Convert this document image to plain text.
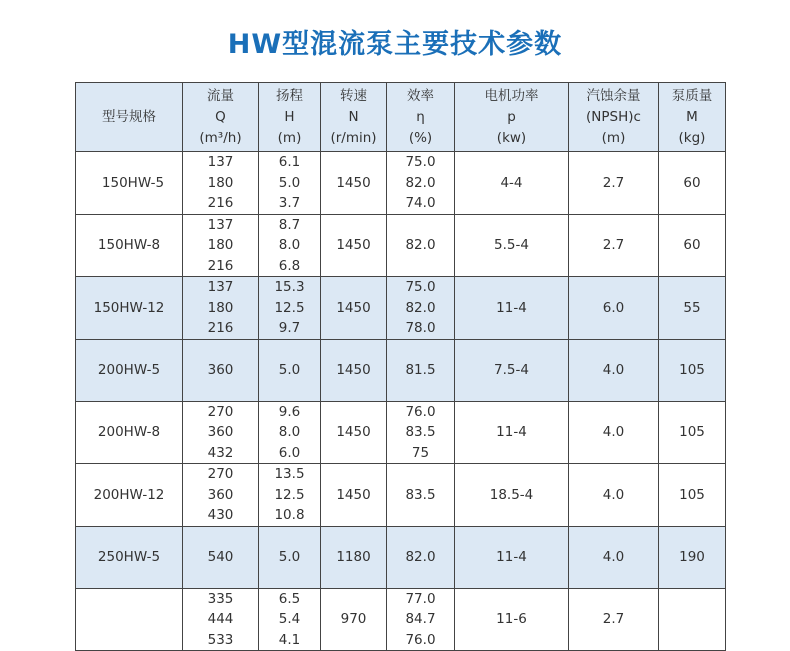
HW型混流泵主要技术参数
型号规格	流量
Q
(m³/h)	扬程
H
(m)	转速
N
(r/min)	效率
η
(%)	电机功率
p
(kw)	汽蚀余量
(NPSH)c
(m)	泵质量
M
(kg)

150HW-5	137
180
216	6.1
5.0
3.7	1450	75.0
82.0
74.0	4-4	2.7	60
150HW-8	137
180
216	8.7
8.0
6.8	1450	82.0	5.5-4	2.7	60
150HW-12	137
180
216	15.3
12.5
9.7	1450	75.0
82.0
78.0	11-4	6.0	55
200HW-5	360	5.0	1450	81.5	7.5-4	4.0	105
200HW-8	270
360
432	9.6
8.0
6.0	1450	76.0
83.5
75	11-4	4.0	105
200HW-12	270
360
430	13.5
12.5
10.8	1450	83.5	18.5-4	4.0	105
250HW-5	540	5.0	1180	82.0	11-4	4.0	190

	335
444
533	6.5
5.4
4.1	970	77.0
84.7
76.0	11-6	2.7	
